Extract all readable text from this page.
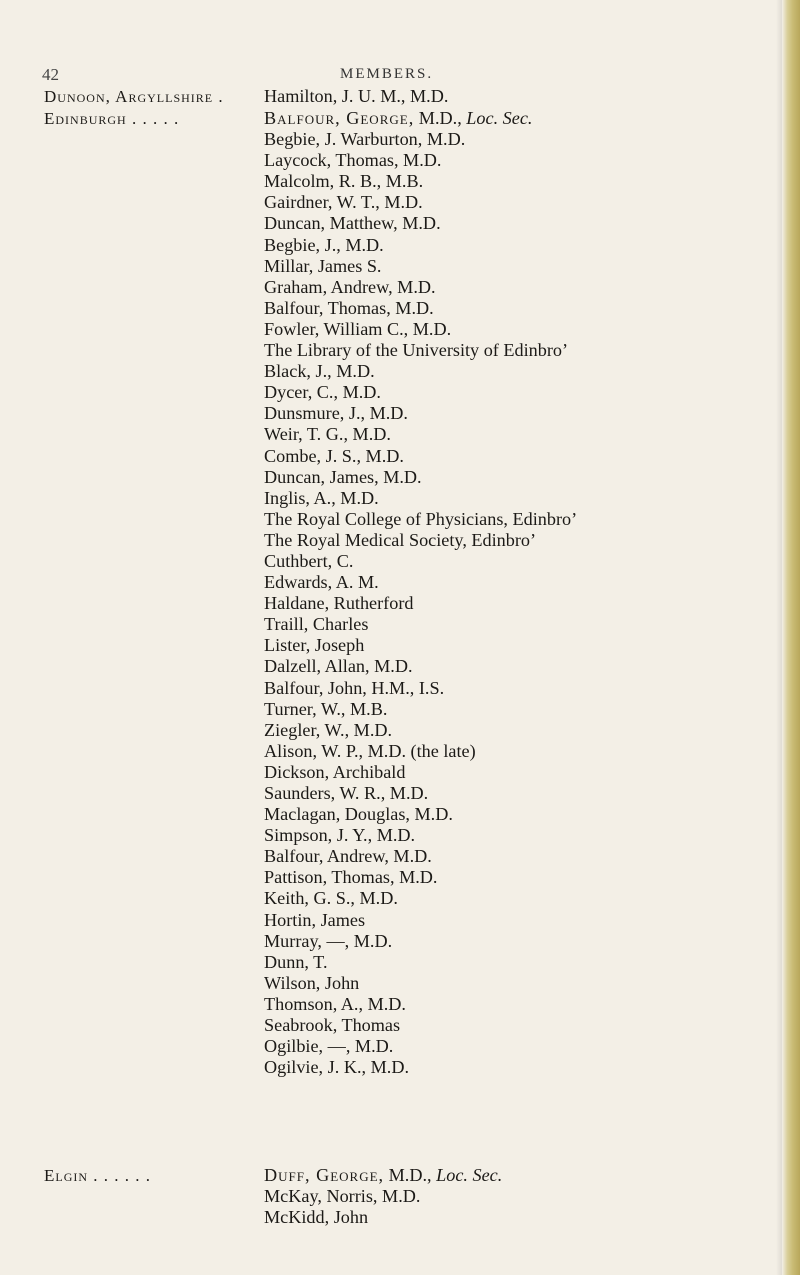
42	MEMBERS.
Dunoon, Argyllshire .	Hamilton, J. U. M., M.D.
Edinburgh . . . . .	Balfour, George, M.D., Loc. Sec.
Begbie, J. Warburton, M.D.
Laycock, Thomas, M.D.
Malcolm, R. B., M.B.
Gairdner, W. T., M.D.
Duncan, Matthew, M.D.
Begbie, J., M.D.
Millar, James S.
Graham, Andrew, M.D.
Balfour, Thomas, M.D.
Fowler, William C., M.D.
The Library of the University of Edinbro’
Black, J., M.D.
Dycer, C., M.D.
Dunsmure, J., M.D.
Weir, T. G., M.D.
Combe, J. S., M.D.
Duncan, James, M.D.
Inglis, A., M.D.
The Royal College of Physicians, Edinbro’
The Royal Medical Society, Edinbro’
Cuthbert, C.
Edwards, A. M.
Haldane, Rutherford
Traill, Charles
Lister, Joseph
Dalzell, Allan, M.D.
Balfour, John, H.M., I.S.
Turner, W., M.B.
Ziegler, W., M.D.
Alison, W. P., M.D. (the late)
Dickson, Archibald
Saunders, W. R., M.D.
Maclagan, Douglas, M.D.
Simpson, J. Y., M.D.
Balfour, Andrew, M.D.
Pattison, Thomas, M.D.
Keith, G. S., M.D.
Hortin, James
Murray, —, M.D.
Dunn, T.
Wilson, John
Thomson, A., M.D.
Seabrook, Thomas
Ogilbie, —, M.D.
Ogilvie, J. K., M.D.
Elgin . . . . . .	Duff, George, M.D., Loc. Sec.
McKay, Norris, M.D.
McKidd, John
